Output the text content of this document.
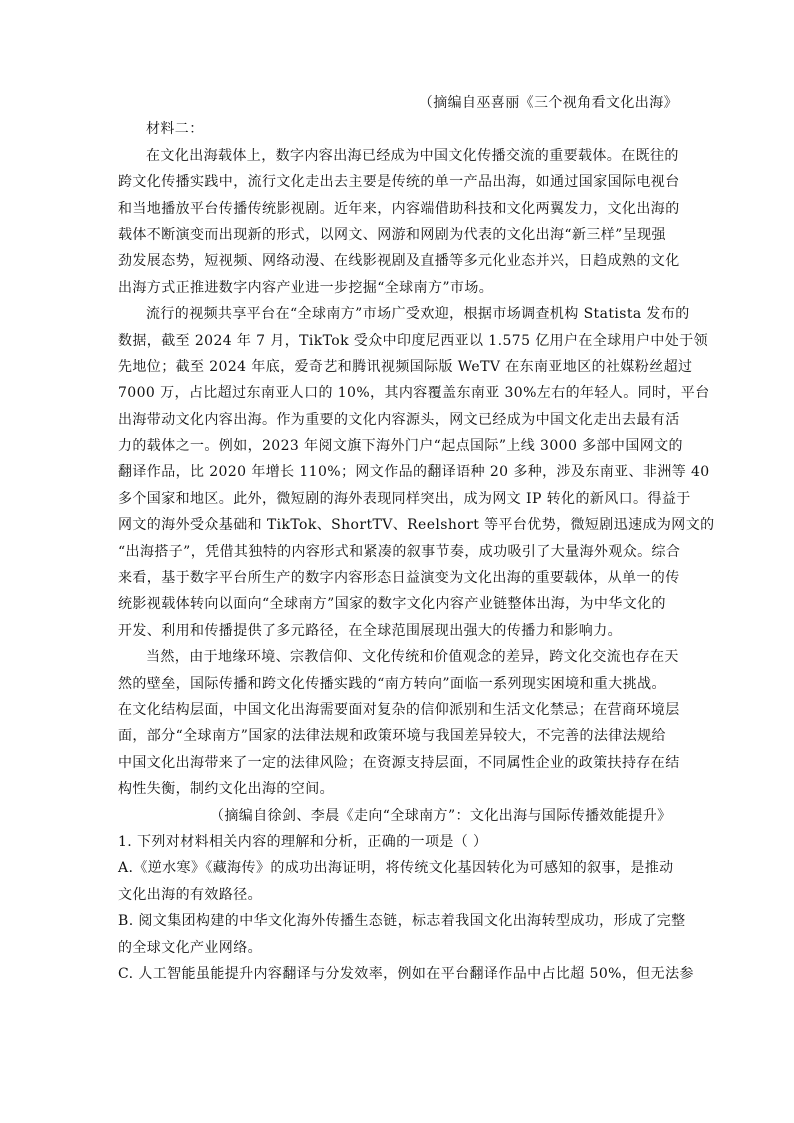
（摘编自巫喜丽《三个视角看文化出海》
材料二：
在文化出海载体上，数字内容出海已经成为中国文化传播交流的重要载体。在既往的
跨文化传播实践中，流行文化走出去主要是传统的单一产品出海，如通过国家国际电视台
和当地播放平台传播传统影视剧。近年来，内容端借助科技和文化两翼发力，文化出海的
载体不断演变而出现新的形式，以网文、网游和网剧为代表的文化出海“新三样”呈现强
劲发展态势，短视频、网络动漫、在线影视剧及直播等多元化业态并兴，日趋成熟的文化
出海方式正推进数字内容产业进一步挖掘“全球南方”市场。
流行的视频共享平台在“全球南方”市场广受欢迎，根据市场调查机构 Statista 发布的
数据，截至 2024 年 7 月，TikTok 受众中印度尼西亚以 1.575 亿用户在全球用户中处于领
先地位；截至 2024 年底，爱奇艺和腾讯视频国际版 WeTV 在东南亚地区的社媒粉丝超过
7000 万，占比超过东南亚人口的 10%，其内容覆盖东南亚 30%左右的年轻人。同时，平台
出海带动文化内容出海。作为重要的文化内容源头，网文已经成为中国文化走出去最有活
力的载体之一。例如，2023 年阅文旗下海外门户“起点国际”上线 3000 多部中国网文的
翻译作品，比 2020 年增长 110%；网文作品的翻译语种 20 多种，涉及东南亚、非洲等 40
多个国家和地区。此外，微短剧的海外表现同样突出，成为网文 IP 转化的新风口。得益于
网文的海外受众基础和 TikTok、ShortTV、Reelshort 等平台优势，微短剧迅速成为网文的
“出海搭子”，凭借其独特的内容形式和紧凑的叙事节奏，成功吸引了大量海外观众。综合
来看，基于数字平台所生产的数字内容形态日益演变为文化出海的重要载体，从单一的传
统影视载体转向以面向“全球南方”国家的数字文化内容产业链整体出海，为中华文化的
开发、利用和传播提供了多元路径，在全球范围展现出强大的传播力和影响力。
当然，由于地缘环境、宗教信仰、文化传统和价值观念的差异，跨文化交流也存在天
然的壁垒，国际传播和跨文化传播实践的“南方转向”面临一系列现实困境和重大挑战。
在文化结构层面，中国文化出海需要面对复杂的信仰派别和生活文化禁忌；在营商环境层
面，部分“全球南方”国家的法律法规和政策环境与我国差异较大，不完善的法律法规给
中国文化出海带来了一定的法律风险；在资源支持层面，不同属性企业的政策扶持存在结
构性失衡，制约文化出海的空间。
（摘编自徐剑、李晨《走向“全球南方”：文化出海与国际传播效能提升》
1. 下列对材料相关内容的理解和分析，正确的一项是（ ）
A.《逆水寒》《藏海传》的成功出海证明，将传统文化基因转化为可感知的叙事，是推动
文化出海的有效路径。
B. 阅文集团构建的中华文化海外传播生态链，标志着我国文化出海转型成功，形成了完整
的全球文化产业网络。
C. 人工智能虽能提升内容翻译与分发效率，例如在平台翻译作品中占比超 50%，但无法参
